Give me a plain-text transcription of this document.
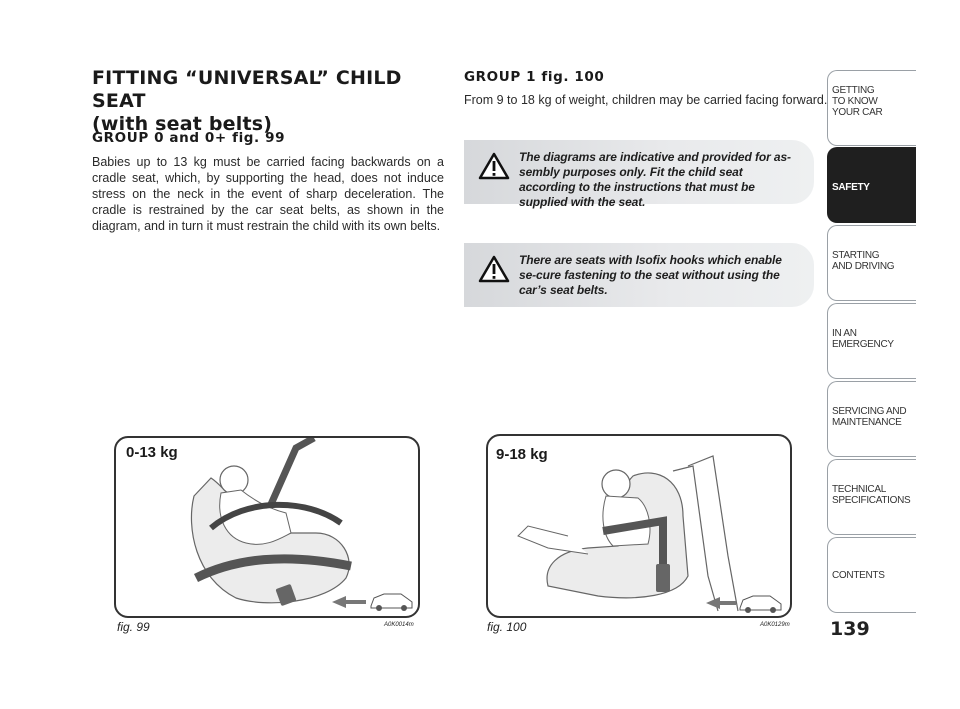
FITTING “UNIVERSAL” CHILD SEAT
(with seat belts)
GROUP 0 and 0+ fig. 99
Babies up to 13 kg must be carried facing backwards on a cradle seat, which, by supporting the head, does not induce stress on the neck in the event of sharp deceleration. The cradle is restrained by the car seat belts, as shown in the diagram, and in turn it must restrain the child with its own belts.
GROUP 1 fig. 100
From 9 to 18 kg of weight, children may be carried facing forward.
The diagrams are indicative and provided for as-sembly purposes only. Fit the child seat according to the instructions that must be supplied with the seat.
There are seats with Isofix hooks which enable se-cure fastening to the seat without using the car’s seat belts.
0-13 kg
fig. 99	A0K0014m
9-18 kg
fig. 100	A0K0129m
GETTING
TO KNOW
YOUR CAR
SAFETY
STARTING
AND DRIVING
IN AN
EMERGENCY
SERVICING AND
MAINTENANCE
TECHNICAL
SPECIFICATIONS
CONTENTS
139
